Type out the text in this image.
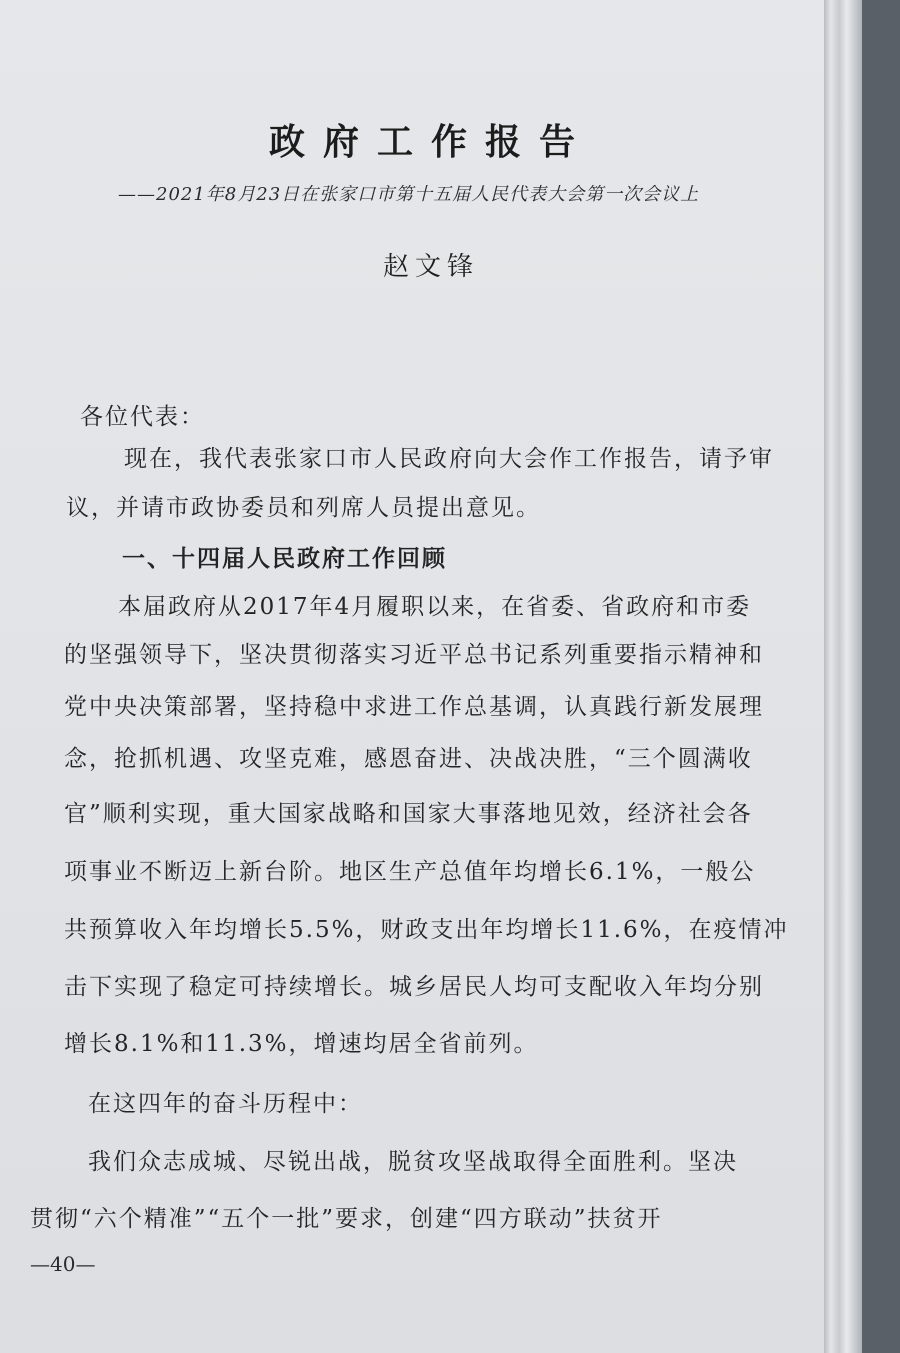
政府工作报告
——2021年8月23日在张家口市第十五届人民代表大会第一次会议上
赵文锋
各位代表：
现在，我代表张家口市人民政府向大会作工作报告，请予审
议，并请市政协委员和列席人员提出意见。
一、十四届人民政府工作回顾
本届政府从2017年4月履职以来，在省委、省政府和市委
的坚强领导下，坚决贯彻落实习近平总书记系列重要指示精神和
党中央决策部署，坚持稳中求进工作总基调，认真践行新发展理
念，抢抓机遇、攻坚克难，感恩奋进、决战决胜，“三个圆满收
官”顺利实现，重大国家战略和国家大事落地见效，经济社会各
项事业不断迈上新台阶。地区生产总值年均增长6.1%，一般公
共预算收入年均增长5.5%，财政支出年均增长11.6%，在疫情冲
击下实现了稳定可持续增长。城乡居民人均可支配收入年均分别
增长8.1%和11.3%，增速均居全省前列。
在这四年的奋斗历程中：
我们众志成城、尽锐出战，脱贫攻坚战取得全面胜利。坚决
贯彻“六个精准”“五个一批”要求，创建“四方联动”扶贫开
—40—
